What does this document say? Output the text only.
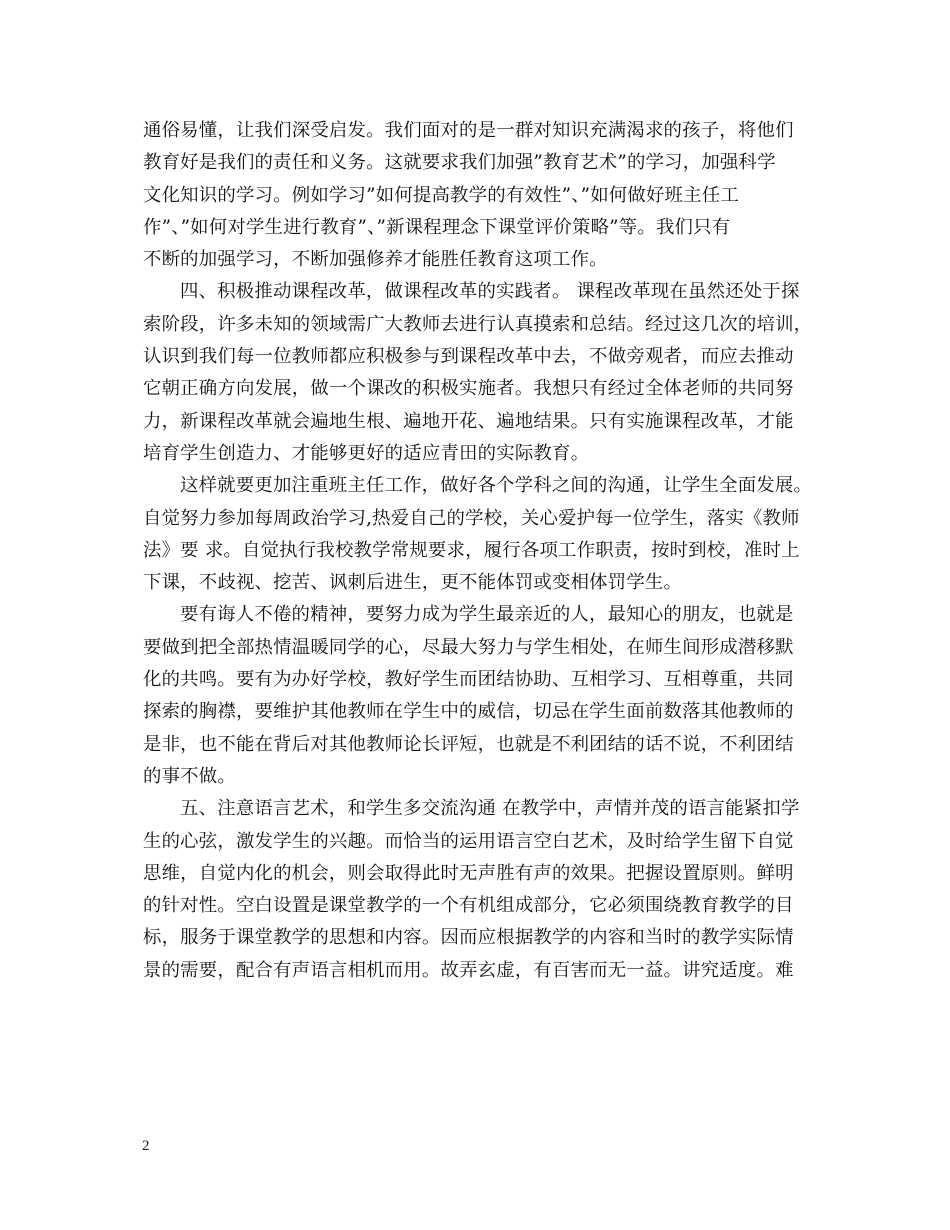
通俗易懂，让我们深受启发。我们面对的是一群对知识充满渴求的孩子，将他们
教育好是我们的责任和义务。这就要求我们加强”教育艺术”的学习，加强科学
文化知识的学习。例如学习”如何提高教学的有效性”、”如何做好班主任工
作”、”如何对学生进行教育”、”新课程理念下课堂评价策略”等。我们只有
不断的加强学习，不断加强修养才能胜任教育这项工作。
四、积极推动课程改革，做课程改革的实践者。 课程改革现在虽然还处于探
索阶段，许多未知的领域需广大教师去进行认真摸索和总结。经过这几次的培训，
认识到我们每一位教师都应积极参与到课程改革中去，不做旁观者，而应去推动
它朝正确方向发展，做一个课改的积极实施者。我想只有经过全体老师的共同努
力，新课程改革就会遍地生根、遍地开花、遍地结果。只有实施课程改革，才能
培育学生创造力、才能够更好的适应青田的实际教育。
这样就要更加注重班主任工作，做好各个学科之间的沟通，让学生全面发展。
自觉努力参加每周政治学习,热爱自己的学校，关心爱护每一位学生，落实《教师
法》要 求。自觉执行我校教学常规要求，履行各项工作职责，按时到校，准时上
下课，不歧视、挖苦、讽刺后进生，更不能体罚或变相体罚学生。
要有诲人不倦的精神，要努力成为学生最亲近的人，最知心的朋友，也就是
要做到把全部热情温暖同学的心，尽最大努力与学生相处，在师生间形成潜移默
化的共鸣。要有为办好学校，教好学生而团结协助、互相学习、互相尊重，共同
探索的胸襟，要维护其他教师在学生中的威信，切忌在学生面前数落其他教师的
是非，也不能在背后对其他教师论长评短，也就是不利团结的话不说，不利团结
的事不做。
五、注意语言艺术，和学生多交流沟通 在教学中，声情并茂的语言能紧扣学
生的心弦，激发学生的兴趣。而恰当的运用语言空白艺术，及时给学生留下自觉
思维，自觉内化的机会，则会取得此时无声胜有声的效果。把握设置原则。鲜明
的针对性。空白设置是课堂教学的一个有机组成部分，它必须围绕教育教学的目
标，服务于课堂教学的思想和内容。因而应根据教学的内容和当时的教学实际情
景的需要，配合有声语言相机而用。故弄玄虚，有百害而无一益。讲究适度。难
2
